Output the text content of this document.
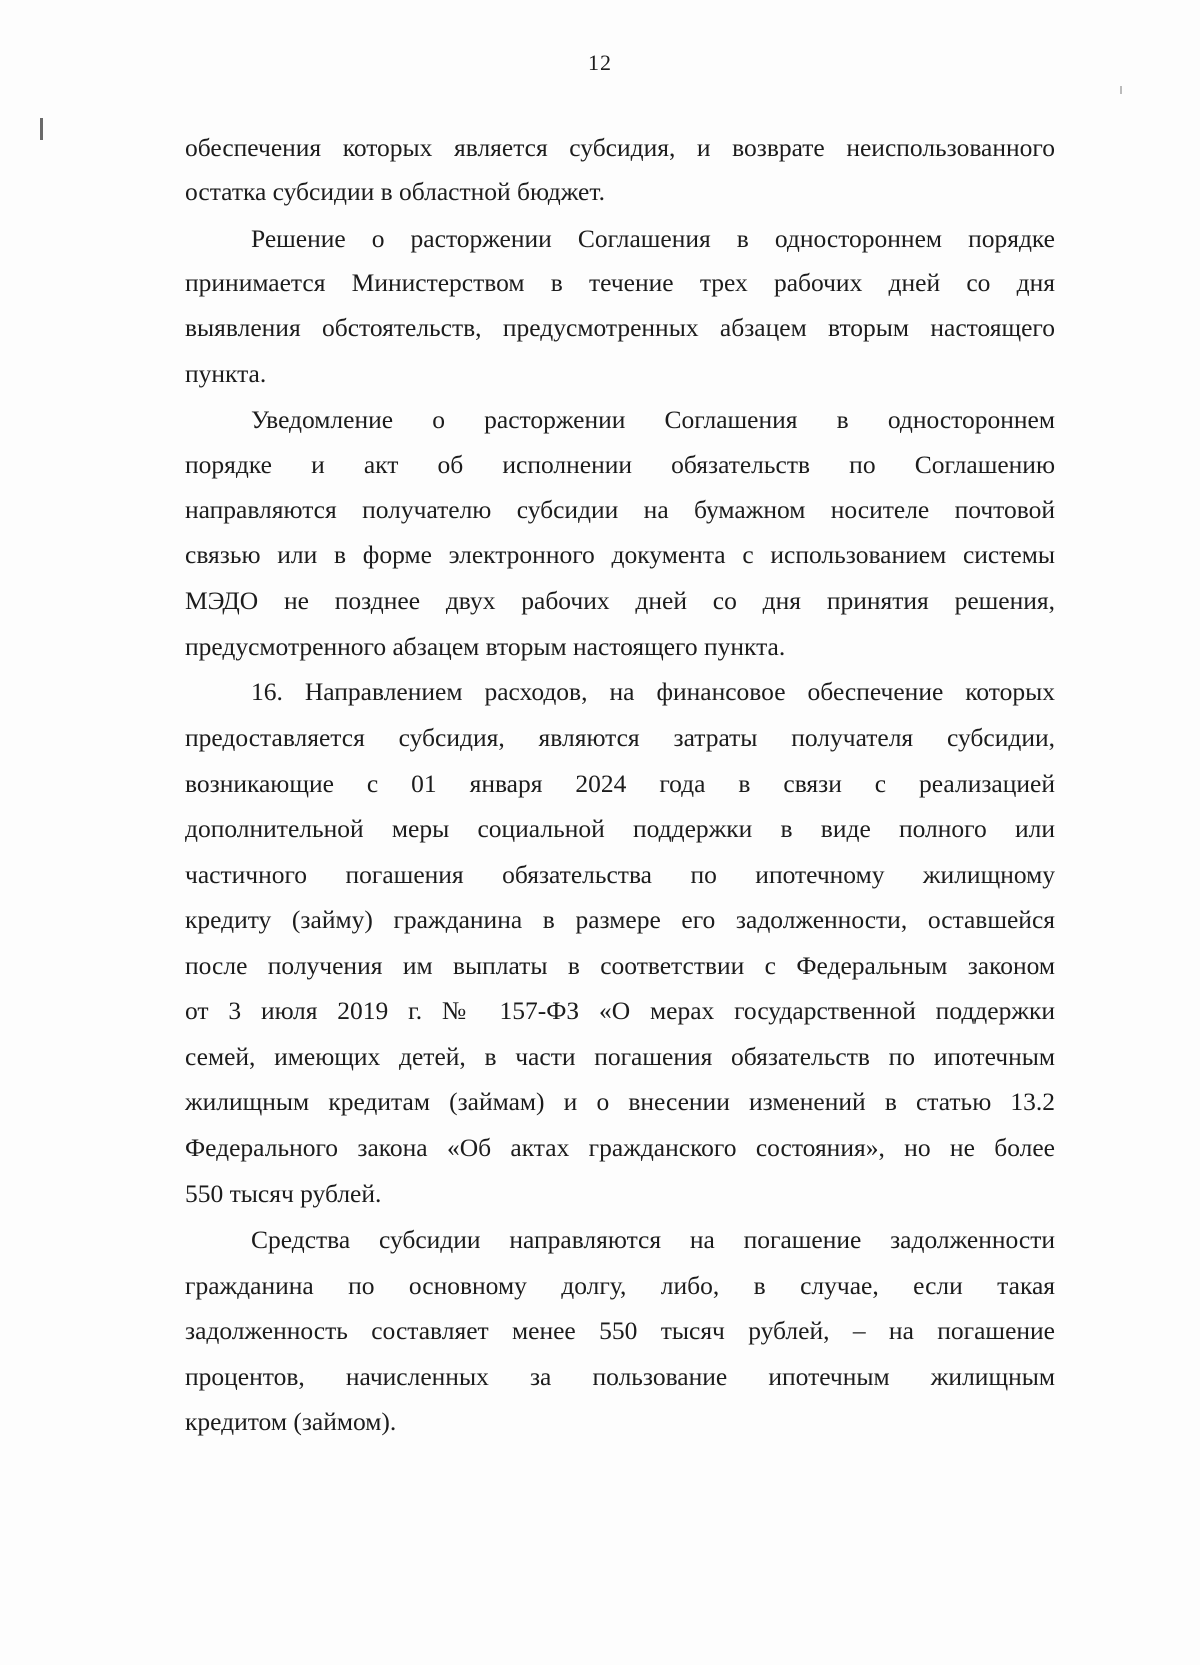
12
обеспечения которых является субсидия, и возврате неиспользованного
остатка субсидии в областной бюджет.
Решение о расторжении Соглашения в одностороннем порядке
принимается Министерством в течение трех рабочих дней со дня
выявления обстоятельств, предусмотренных абзацем вторым настоящего
пункта.
Уведомление о расторжении Соглашения в одностороннем
порядке и акт об исполнении обязательств по Соглашению
направляются получателю субсидии на бумажном носителе почтовой
связью или в форме электронного документа с использованием системы
МЭДО не позднее двух рабочих дней со дня принятия решения,
предусмотренного абзацем вторым настоящего пункта.
16. Направлением расходов, на финансовое обеспечение которых
предоставляется субсидия, являются затраты получателя субсидии,
возникающие с 01 января 2024 года в связи с реализацией
дополнительной меры социальной поддержки в виде полного или
частичного погашения обязательства по ипотечному жилищному
кредиту (займу) гражданина в размере его задолженности, оставшейся
после получения им выплаты в соответствии с Федеральным законом
от 3 июля 2019 г. № 157-ФЗ «О мерах государственной поддержки
семей, имеющих детей, в части погашения обязательств по ипотечным
жилищным кредитам (займам) и о внесении изменений в статью 13.2
Федерального закона «Об актах гражданского состояния», но не более
550 тысяч рублей.
Средства субсидии направляются на погашение задолженности
гражданина по основному долгу, либо, в случае, если такая
задолженность составляет менее 550 тысяч рублей, – на погашение
процентов, начисленных за пользование ипотечным жилищным
кредитом (займом).
